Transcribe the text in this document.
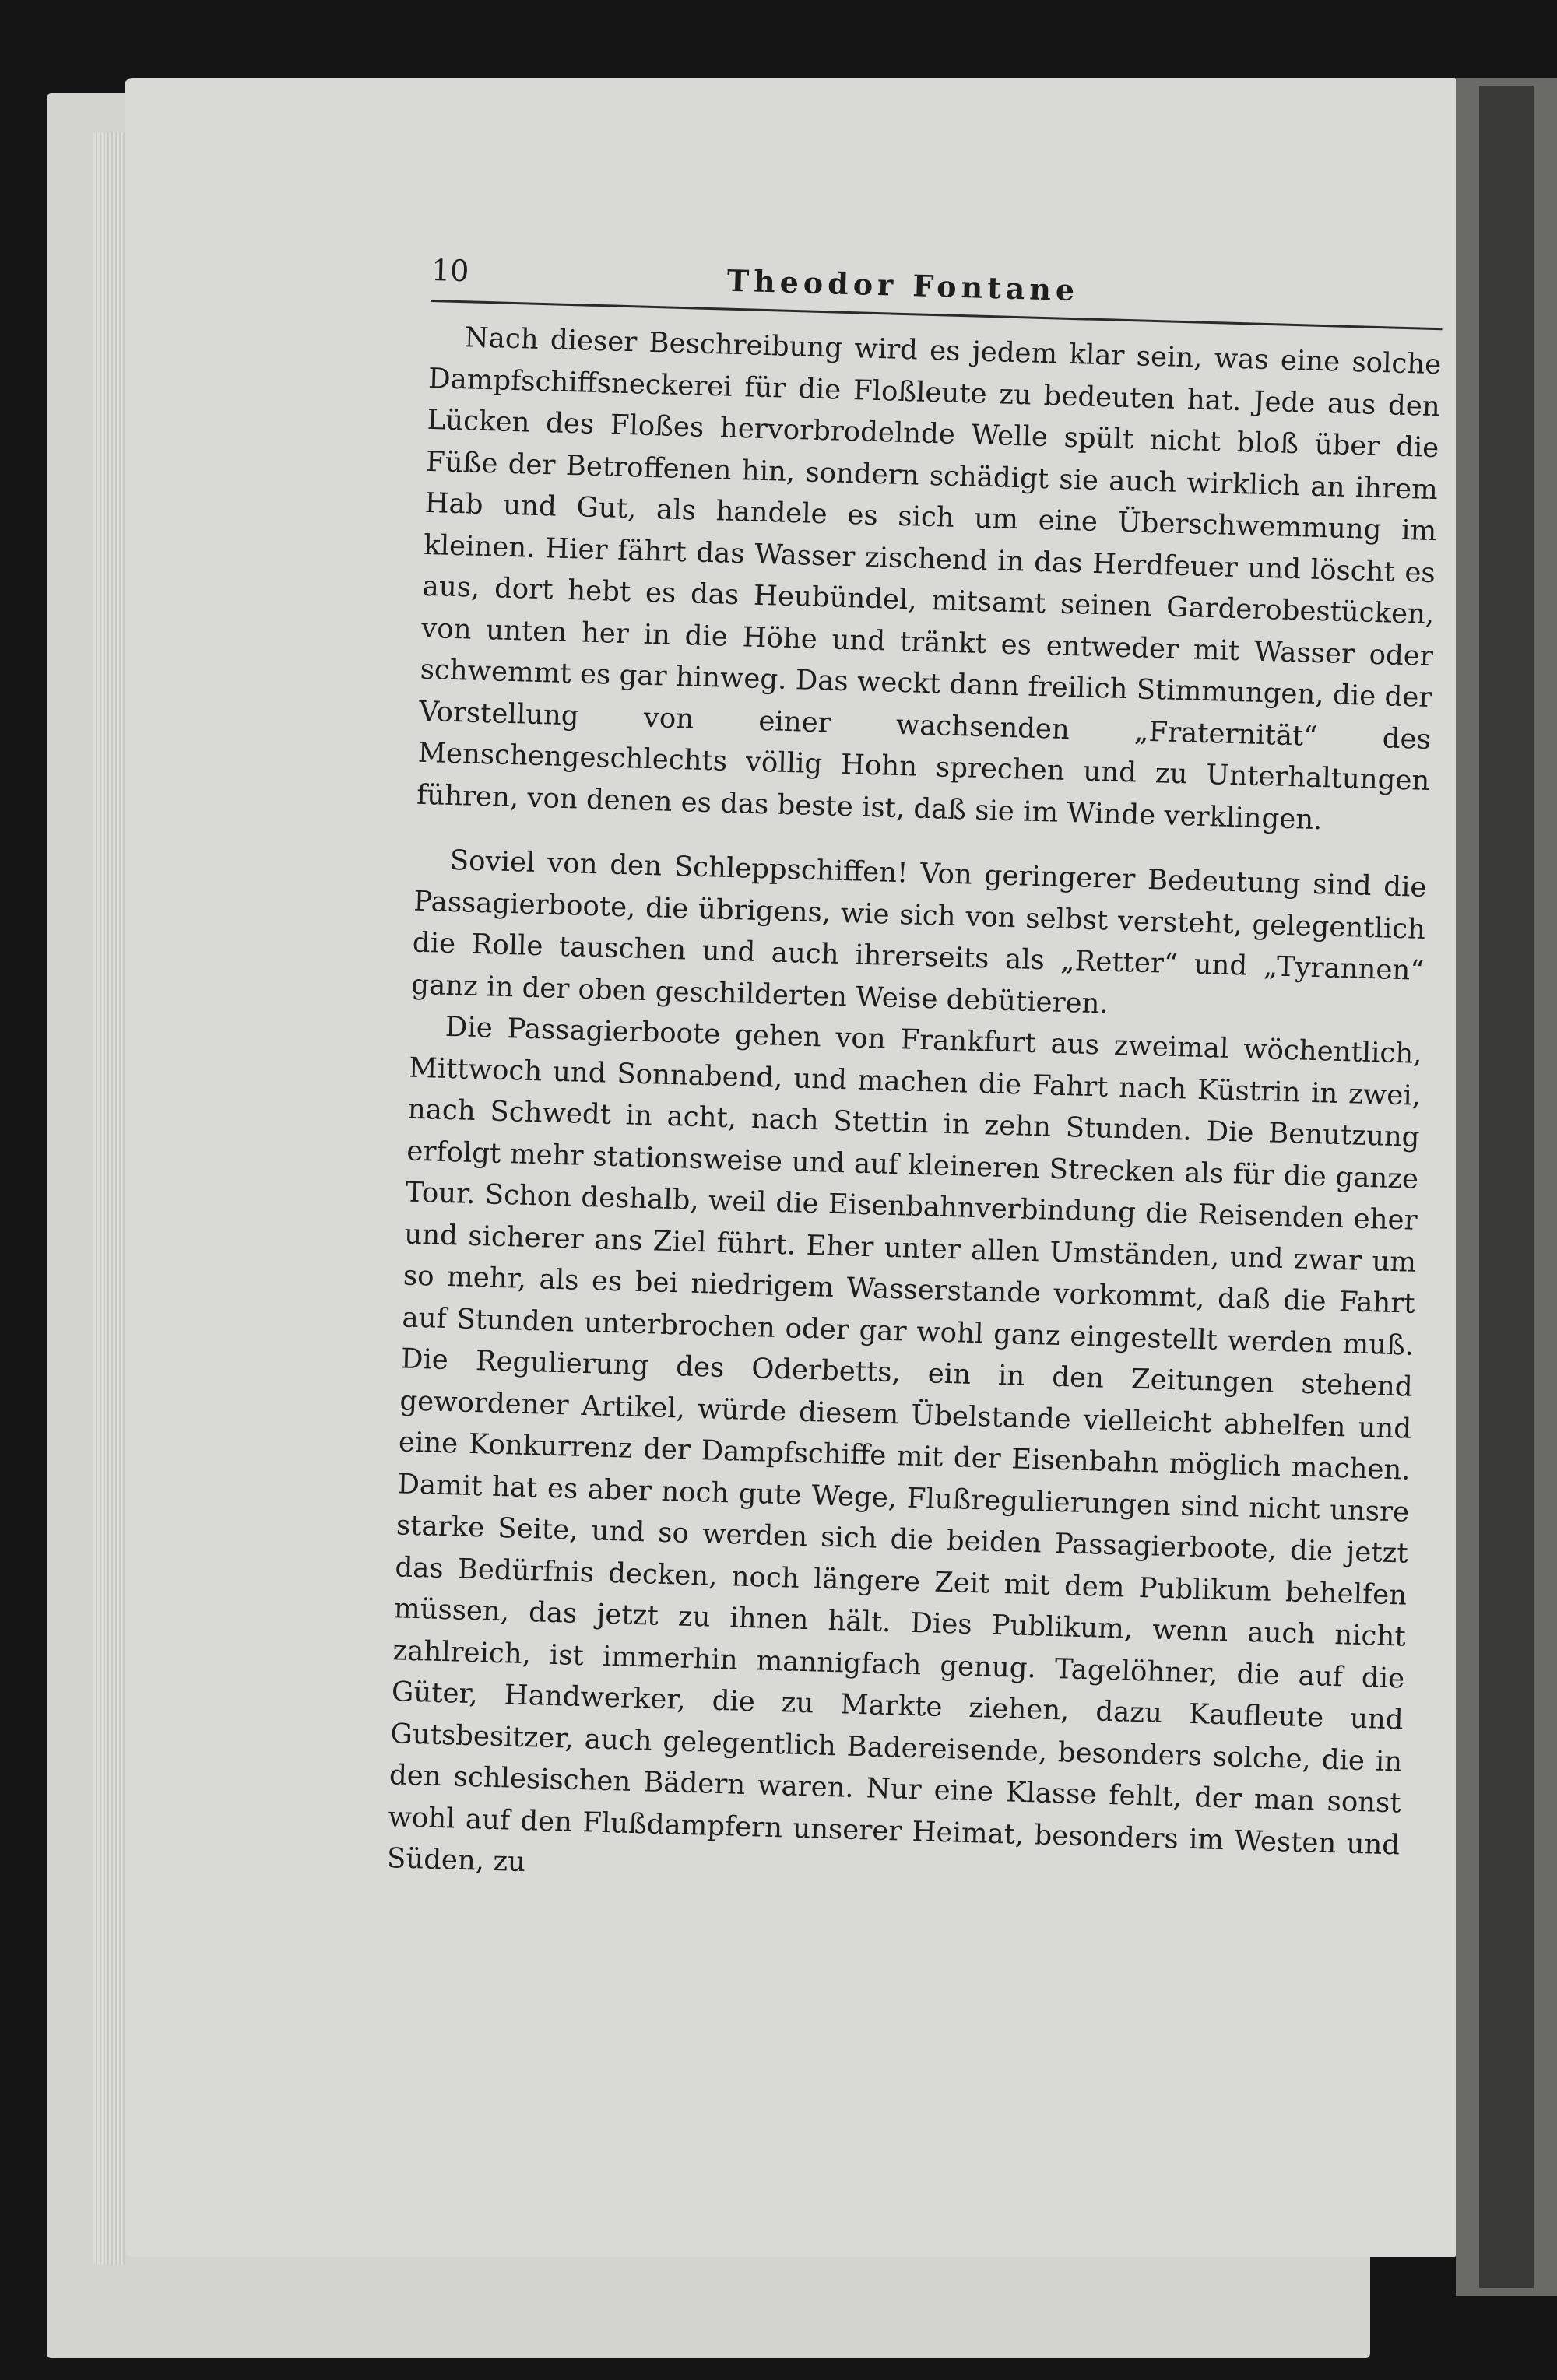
10	Theodor Fontane

Nach dieser Beschreibung wird es jedem klar sein, was eine solche Dampfschiffsneckerei für die Floßleute zu bedeuten hat. Jede aus den Lücken des Floßes hervorbrodelnde Welle spült nicht bloß über die Füße der Betroffenen hin, sondern schädigt sie auch wirklich an ihrem Hab und Gut, als handele es sich um eine Überschwemmung im kleinen. Hier fährt das Wasser zischend in das Herdfeuer und löscht es aus, dort hebt es das Heubündel, mitsamt seinen Garderobestücken, von unten her in die Höhe und tränkt es entweder mit Wasser oder schwemmt es gar hinweg. Das weckt dann freilich Stimmungen, die der Vorstellung von einer wachsenden „Fraternität“ des Menschengeschlechts völlig Hohn sprechen und zu Unterhaltungen führen, von denen es das beste ist, daß sie im Winde verklingen.

Soviel von den Schleppschiffen! Von geringerer Bedeutung sind die Passagierboote, die übrigens, wie sich von selbst versteht, gelegentlich die Rolle tauschen und auch ihrerseits als „Retter“ und „Tyrannen“ ganz in der oben geschilderten Weise debütieren.

Die Passagierboote gehen von Frankfurt aus zweimal wöchentlich, Mittwoch und Sonnabend, und machen die Fahrt nach Küstrin in zwei, nach Schwedt in acht, nach Stettin in zehn Stunden. Die Benutzung erfolgt mehr stationsweise und auf kleineren Strecken als für die ganze Tour. Schon deshalb, weil die Eisenbahnverbindung die Reisenden eher und sicherer ans Ziel führt. Eher unter allen Umständen, und zwar um so mehr, als es bei niedrigem Wasserstande vorkommt, daß die Fahrt auf Stunden unterbrochen oder gar wohl ganz eingestellt werden muß. Die Regulierung des Oderbetts, ein in den Zeitungen stehend gewordener Artikel, würde diesem Übelstande vielleicht abhelfen und eine Konkurrenz der Dampfschiffe mit der Eisenbahn möglich machen. Damit hat es aber noch gute Wege, Flußregulierungen sind nicht unsre starke Seite, und so werden sich die beiden Passagierboote, die jetzt das Bedürfnis decken, noch längere Zeit mit dem Publikum behelfen müssen, das jetzt zu ihnen hält. Dies Publikum, wenn auch nicht zahlreich, ist immerhin mannigfach genug. Tagelöhner, die auf die Güter, Handwerker, die zu Markte ziehen, dazu Kaufleute und Gutsbesitzer, auch gelegentlich Badereisende, besonders solche, die in den schlesischen Bädern waren. Nur eine Klasse fehlt, der man sonst wohl auf den Flußdampfern unserer Heimat, besonders im Westen und Süden, zu
